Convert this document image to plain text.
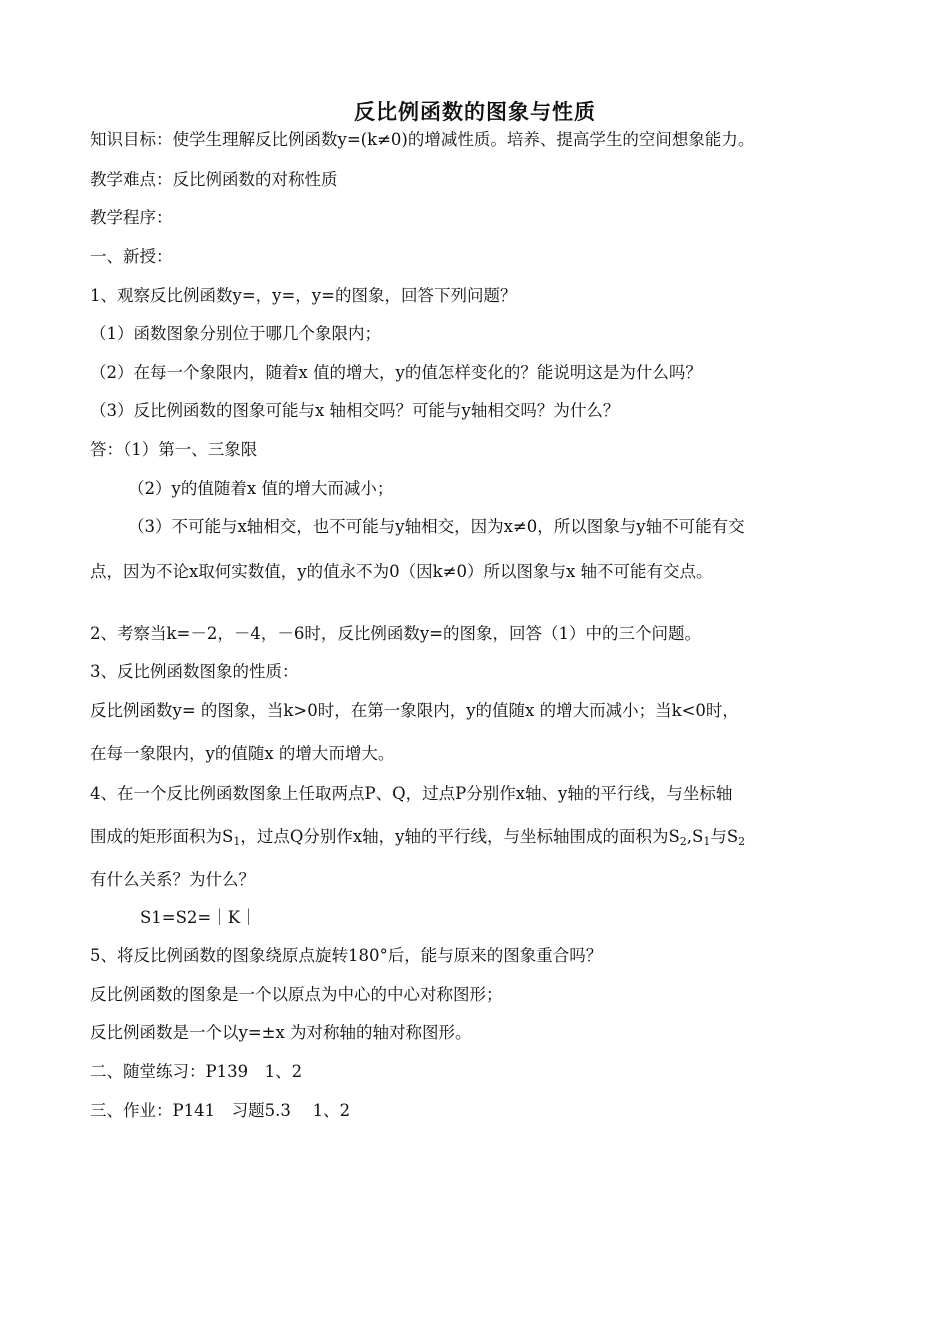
反比例函数的图象与性质
知识目标：使学生理解反比例函数y=(k≠0)的增减性质。培养、提高学生的空间想象能力。
教学难点：反比例函数的对称性质
教学程序：
一、新授：
1、观察反比例函数y=，y=，y=的图象，回答下列问题？
（1）函数图象分别位于哪几个象限内；
（2）在每一个象限内，随着x 值的增大，y的值怎样变化的？能说明这是为什么吗？
（3）反比例函数的图象可能与x 轴相交吗？可能与y轴相交吗？为什么？
答：（1）第一、三象限
（2）y的值随着x 值的增大而减小；
（3）不可能与x轴相交，也不可能与y轴相交，因为x≠0，所以图象与y轴不可能有交
点，因为不论x取何实数值，y的值永不为0（因k≠0）所以图象与x 轴不可能有交点。
2、考察当k=－2，－4，－6时，反比例函数y=的图象，回答（1）中的三个问题。
3、反比例函数图象的性质：
反比例函数y= 的图象，当k>0时，在第一象限内，y的值随x 的增大而减小；当k<0时，
在每一象限内，y的值随x 的增大而增大。
4、在一个反比例函数图象上任取两点P、Q，过点P分别作x轴、y轴的平行线，与坐标轴
围成的矩形面积为$S_1$，过点Q分别作x轴，y轴的平行线，与坐标轴围成的面积为$S_2,S_1$与$S_2$
有什么关系？为什么？
S1=S2=｜K｜
5、将反比例函数的图象绕原点旋转180°后，能与原来的图象重合吗？
反比例函数的图象是一个以原点为中心的中心对称图形；
反比例函数是一个以y=±x 为对称轴的轴对称图形。
二、随堂练习：P139　1、2
三、作业：P141　习题5.3　 1、2
